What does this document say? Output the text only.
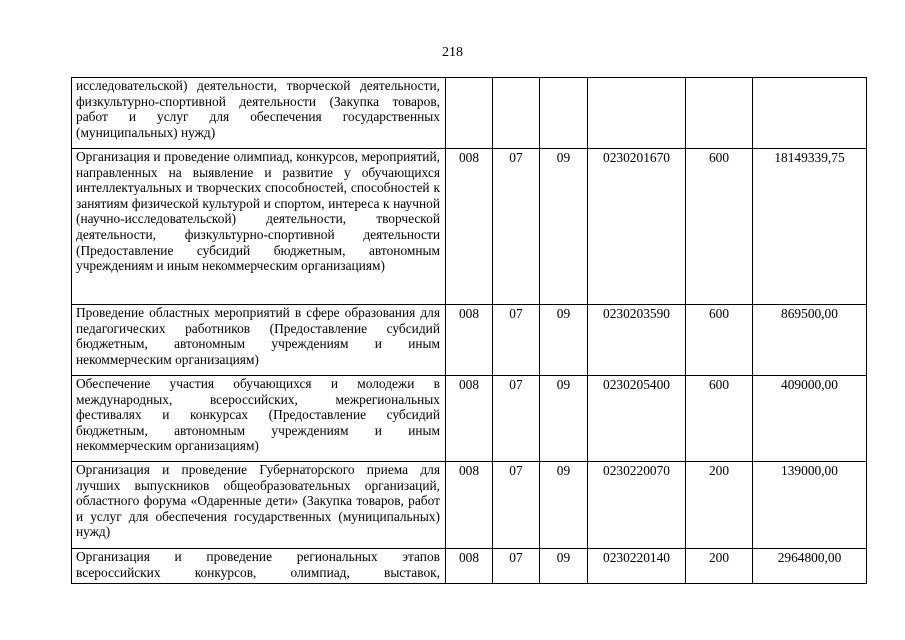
218
исследовательской) деятельности, творческой деятельности, физкультурно-спортивной деятельности (Закупка товаров, работ и услуг для обеспечения государственных (муниципальных) нужд)						
Организация и проведение олимпиад, конкурсов, мероприятий, направленных на выявление и развитие у обучающихся интеллектуальных и творческих способностей, способностей к занятиям физической культурой и спортом, интереса к научной (научно-исследовательской) деятельности, творческой деятельности, физкультурно-спортивной деятельности (Предоставление субсидий бюджетным, автономным учреждениям и иным некоммерческим организациям)	008	07	09	0230201670	600	18149339,75
Проведение областных мероприятий в сфере образования для педагогических работников (Предоставление субсидий бюджетным, автономным учреждениям и иным некоммерческим организациям)	008	07	09	0230203590	600	869500,00
Обеспечение участия обучающихся и молодежи в международных, всероссийских, межрегиональных фестивалях и конкурсах (Предоставление субсидий бюджетным, автономным учреждениям и иным некоммерческим организациям)	008	07	09	0230205400	600	409000,00
Организация и проведение Губернаторского приема для лучших выпускников общеобразовательных организаций, областного форума «Одаренные дети» (Закупка товаров, работ и услуг для обеспечения государственных (муниципальных) нужд)	008	07	09	0230220070	200	139000,00
Организация и проведение региональных этапов всероссийских конкурсов, олимпиад, выставок,	008	07	09	0230220140	200	2964800,00
